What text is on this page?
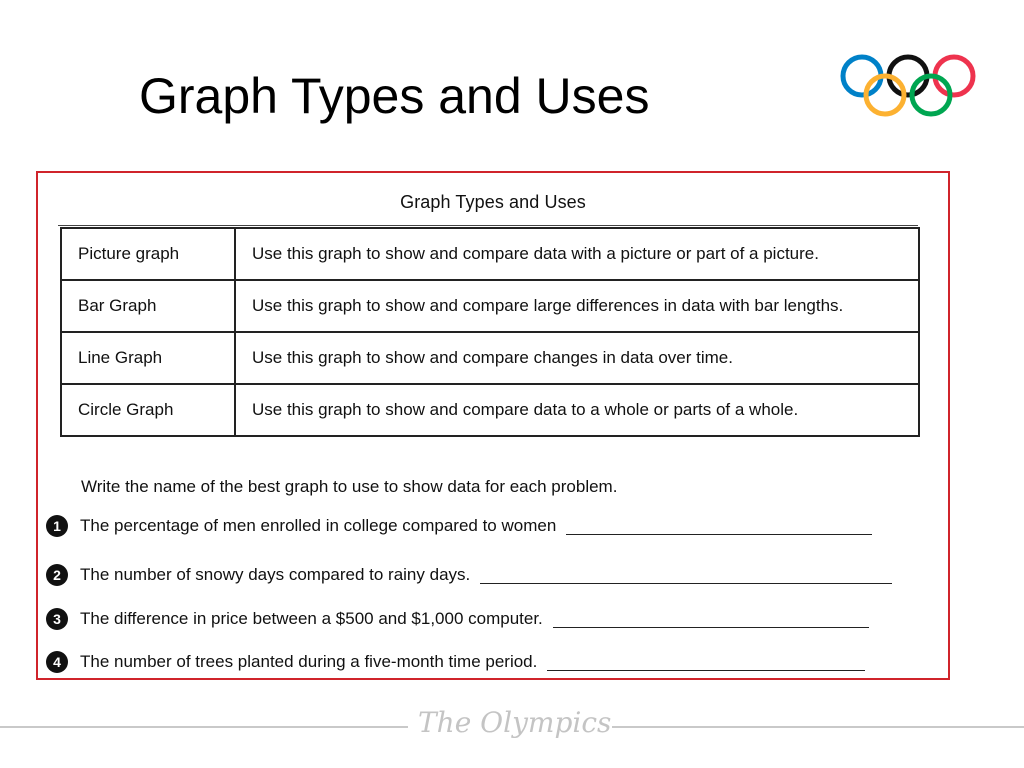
Graph Types and Uses
Graph Types and Uses
Picture graph	Use this graph to show and compare data with a picture or part of a picture.
Bar Graph	Use this graph to show and compare large differences in data with bar lengths.
Line Graph	Use this graph to show and compare changes in data over time.
Circle Graph	Use this graph to show and compare data to a whole or parts of a whole.
Write the name of the best graph to use to show data for each problem.
1	The percentage of men enrolled in college compared to women
2	The number of snowy days compared to rainy days.
3	The difference in price between a $500 and $1,000 computer.
4	The number of trees planted during a five-month time period.
The Olympics
